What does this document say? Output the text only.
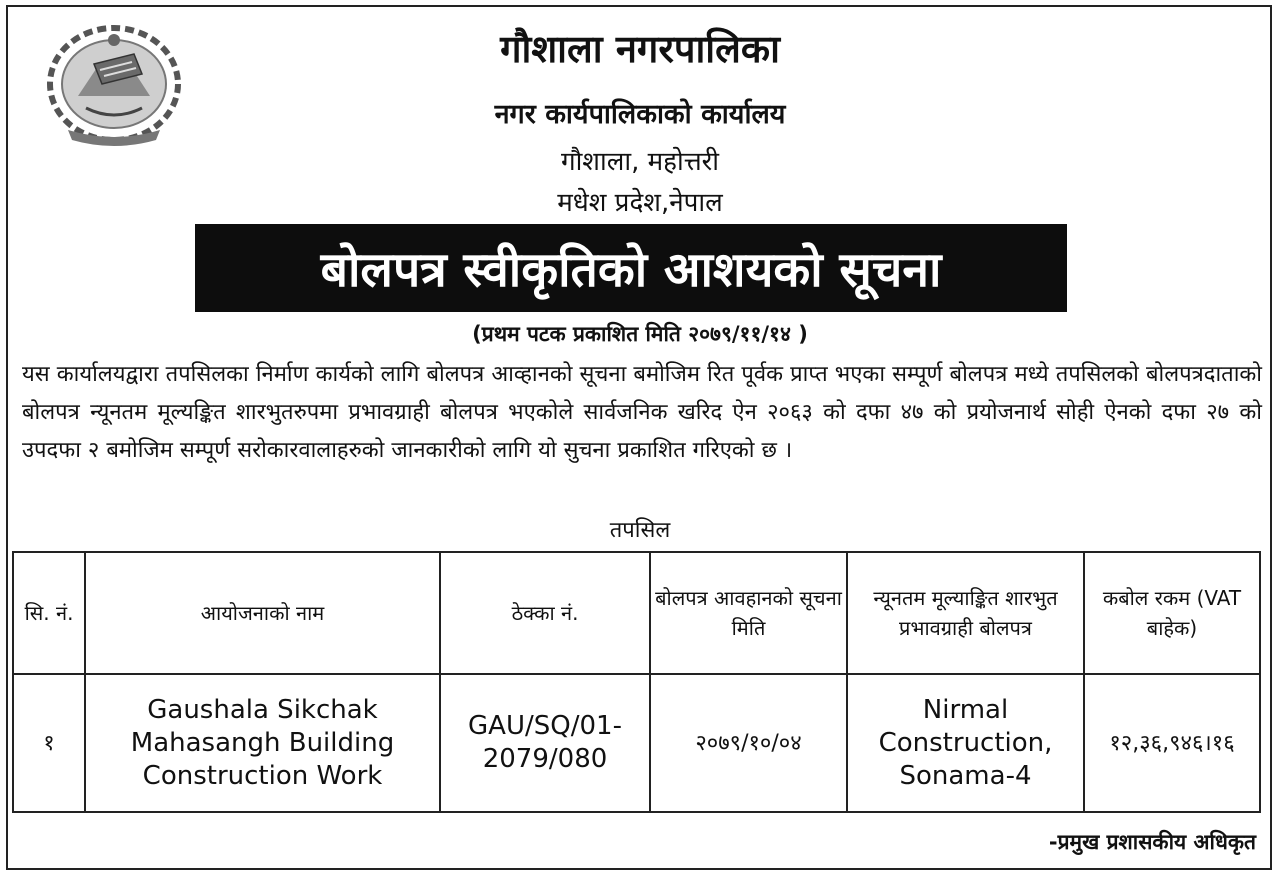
गौशाला नगरपालिका
नगर कार्यपालिकाको कार्यालय
गौशाला, महोत्तरी
मधेश प्रदेश,नेपाल
बोलपत्र स्वीकृतिको आशयको सूचना
(प्रथम पटक प्रकाशित मिति २०७९/११/१४ )
यस कार्यालयद्वारा तपसिलका निर्माण कार्यको लागि बोलपत्र आव्हानको सूचना बमोजिम रित पूर्वक प्राप्त भएका सम्पूर्ण बोलपत्र मध्ये तपसिलको बोलपत्रदाताको बोलपत्र न्यूनतम मूल्यङ्कित शारभुतरुपमा प्रभावग्राही बोलपत्र भएकोले सार्वजनिक खरिद ऐन २०६३ को दफा ४७ को प्रयोजनार्थ सोही ऐनको दफा २७ को उपदफा २ बमोजिम सम्पूर्ण सरोकारवालाहरुको जानकारीको लागि यो सुचना प्रकाशित गरिएको छ ।
तपसिल
सि. नं.	आयोजनाको नाम	ठेक्का नं.	बोलपत्र आवहानको सूचना मिति	न्यूनतम मूल्याङ्कित शारभुत प्रभावग्राही बोलपत्र	कबोल रकम (VAT बाहेक)
१	Gaushala Sikchak Mahasangh Building Construction Work	GAU/SQ/01-2079/080	२०७९/१०/०४	Nirmal Construction, Sonama-4	१२,३६,९४६।१६
-प्रमुख प्रशासकीय अधिकृत
